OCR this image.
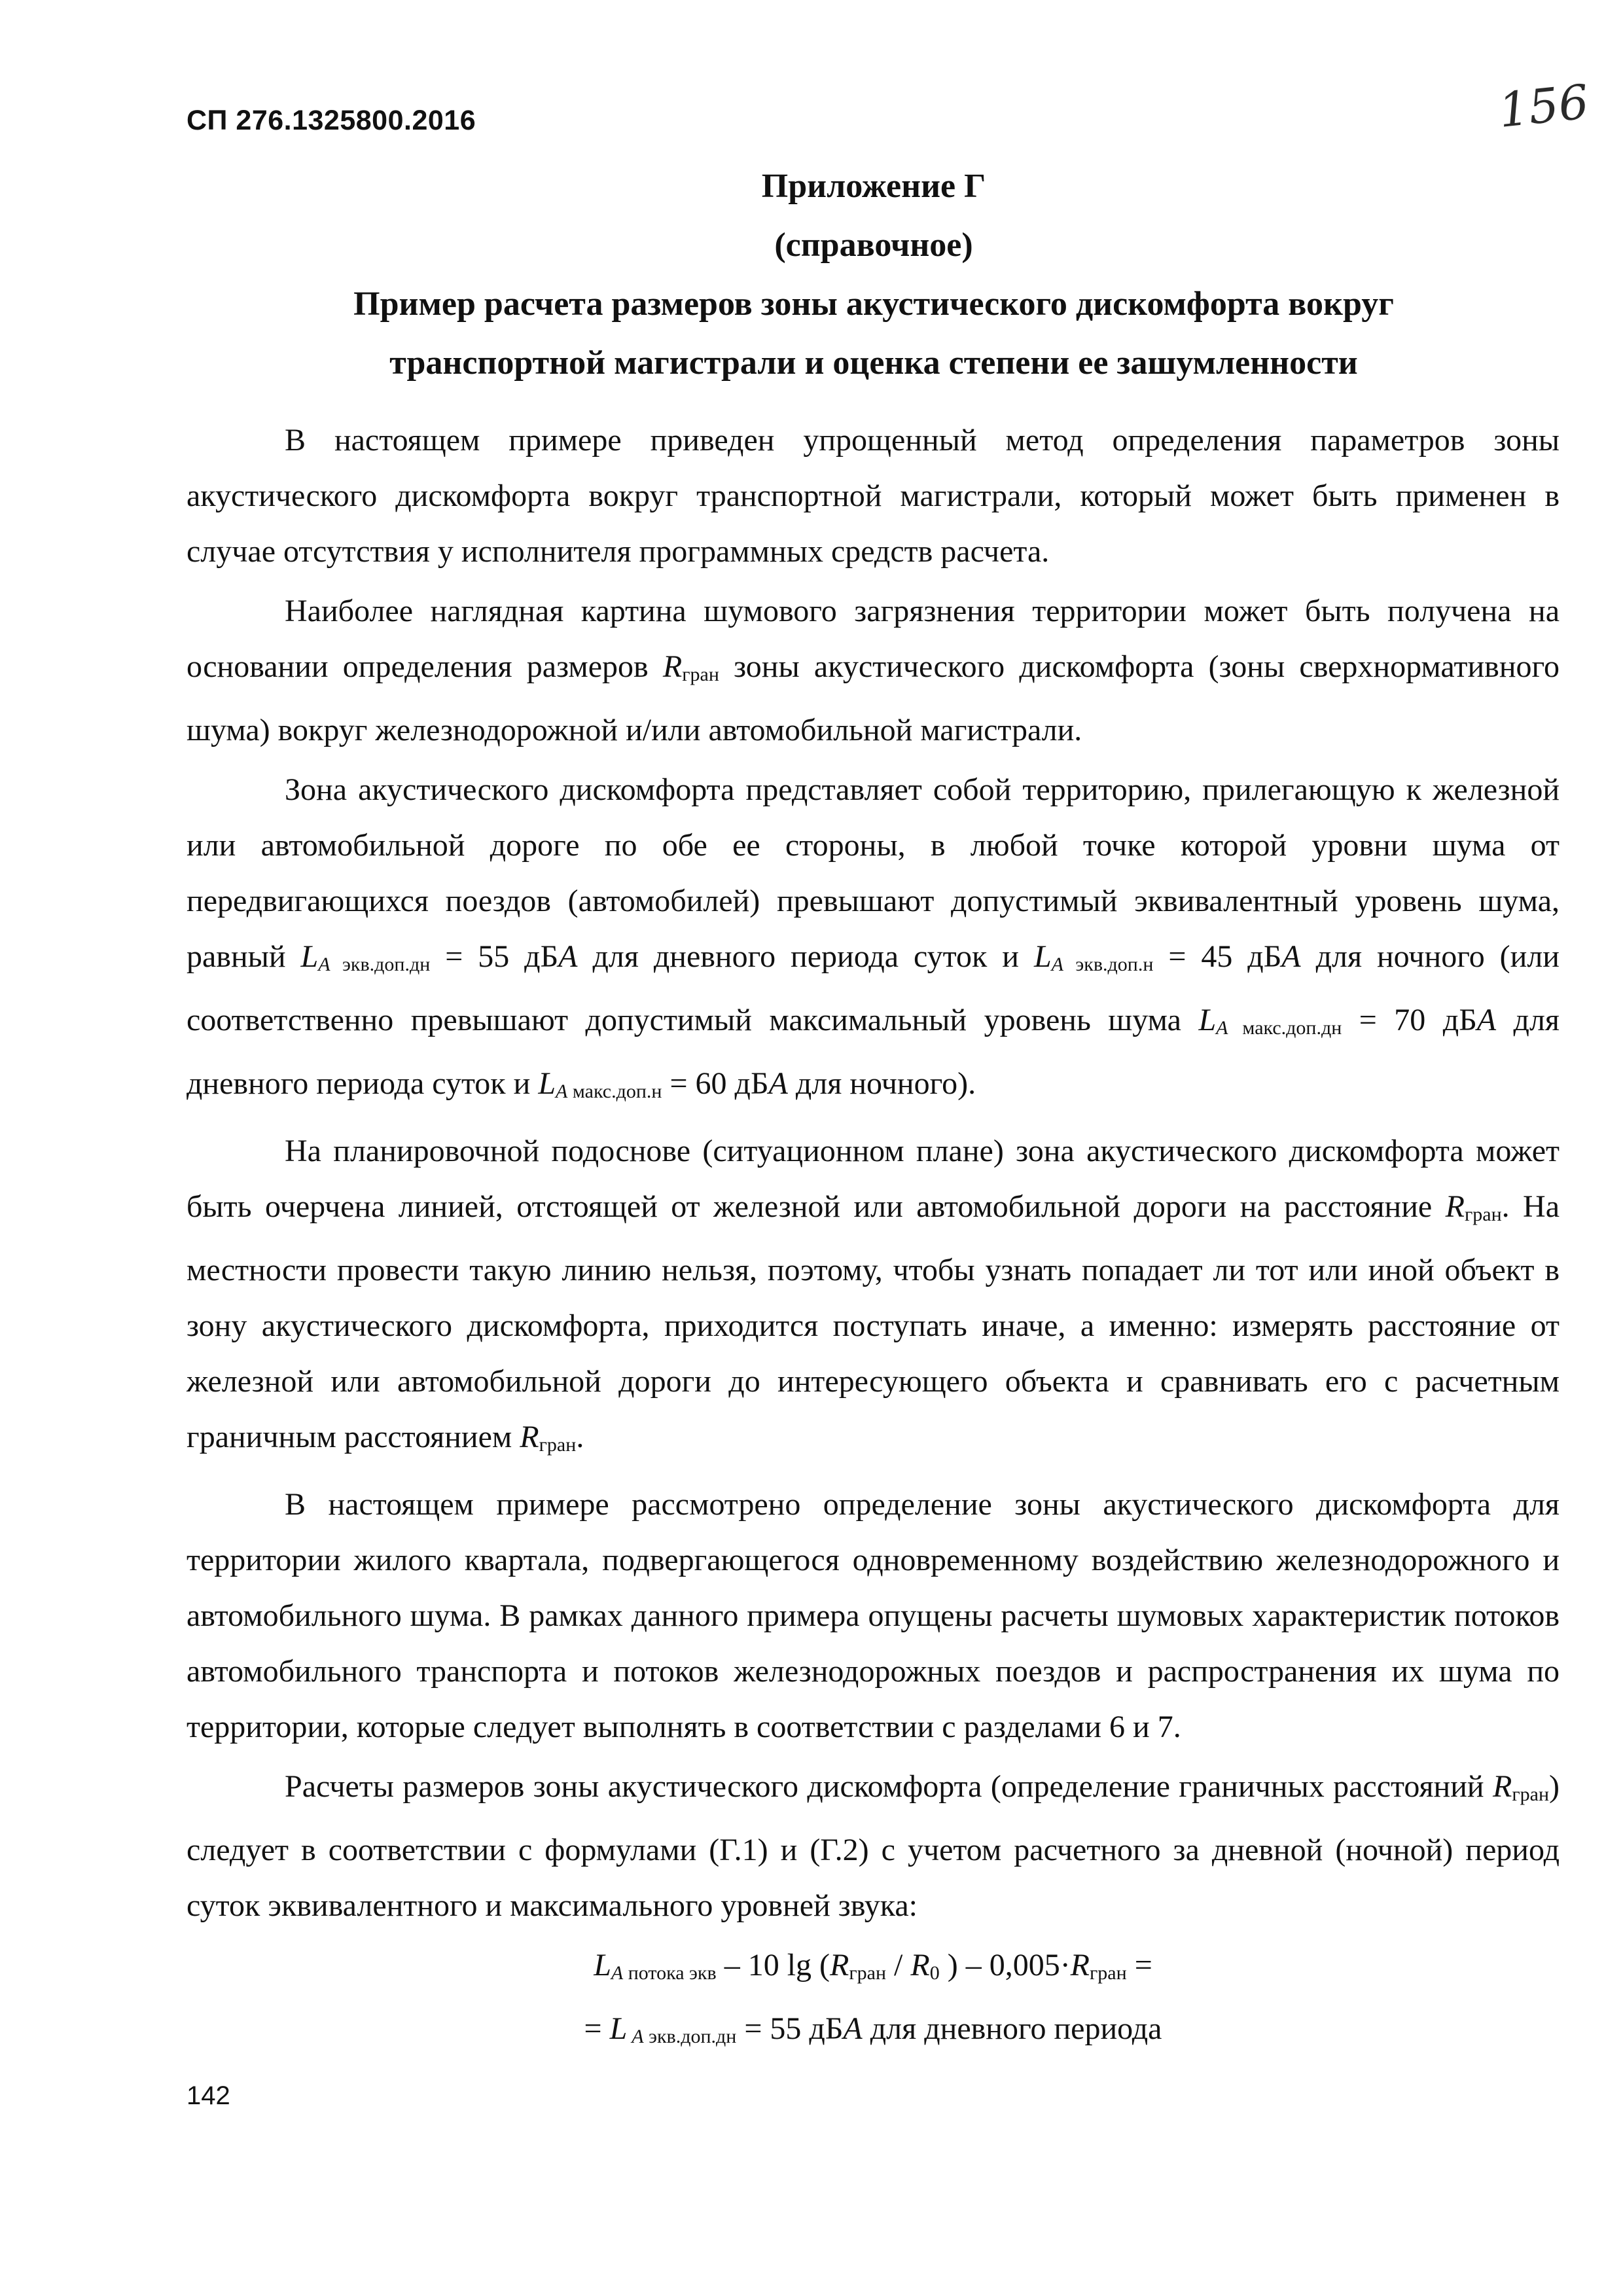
СП 276.1325800.2016	156
Приложение Г
(справочное)
Пример расчета размеров зоны акустического дискомфорта вокруг
транспортной магистрали и оценка степени ее зашумленности

В настоящем примере приведен упрощенный метод определения параметров зоны акустического дискомфорта вокруг транспортной магистрали, который может быть применен в случае отсутствия у исполнителя программных средств расчета.

Наиболее наглядная картина шумового загрязнения территории может быть получена на основании определения размеров $R_{гран}$ зоны акустического дискомфорта (зоны сверхнормативного шума) вокруг железнодорожной и/или автомобильной магистрали.

Зона акустического дискомфорта представляет собой территорию, прилегающую к железной или автомобильной дороге по обе ее стороны, в любой точке которой уровни шума от передвигающихся поездов (автомобилей) превышают допустимый эквивалентный уровень шума, равный $L_A$ $_{экв.доп.дн}$ = 55 дБА для дневного периода суток и $L_A$ $_{экв.доп.н}$ = 45 дБА для ночного (или соответственно превышают допустимый максимальный уровень шума $L_A$ $_{макс.доп.дн}$ = 70 дБА для дневного периода суток и $L_A$ $_{макс.доп.н}$ = 60 дБА для ночного).

На планировочной подоснове (ситуационном плане) зона акустического дискомфорта может быть очерчена линией, отстоящей от железной или автомобильной дороги на расстояние $R_{гран}$. На местности провести такую линию нельзя, поэтому, чтобы узнать попадает ли тот или иной объект в зону акустического дискомфорта, приходится поступать иначе, а именно: измерять расстояние от железной или автомобильной дороги до интересующего объекта и сравнивать его с расчетным граничным расстоянием $R_{гран}$.

В настоящем примере рассмотрено определение зоны акустического дискомфорта для территории жилого квартала, подвергающегося одновременному воздействию железнодорожного и автомобильного шума. В рамках данного примера опущены расчеты шумовых характеристик потоков автомобильного транспорта и потоков железнодорожных поездов и распространения их шума по территории, которые следует выполнять в соответствии с разделами 6 и 7.

Расчеты размеров зоны акустического дискомфорта (определение граничных расстояний $R_{гран}$) следует в соответствии с формулами (Г.1) и (Г.2) с учетом расчетного за дневной (ночной) период суток эквивалентного и максимального уровней звука:

$L_A$ $_{потока экв}$ – 10 $\lg (R_{гран} / R_0$ ) – $0,005\cdot R_{гран}$ =
= L $_A$ $_{экв.доп.дн}$ = 55 дБА для дневного периода
142
